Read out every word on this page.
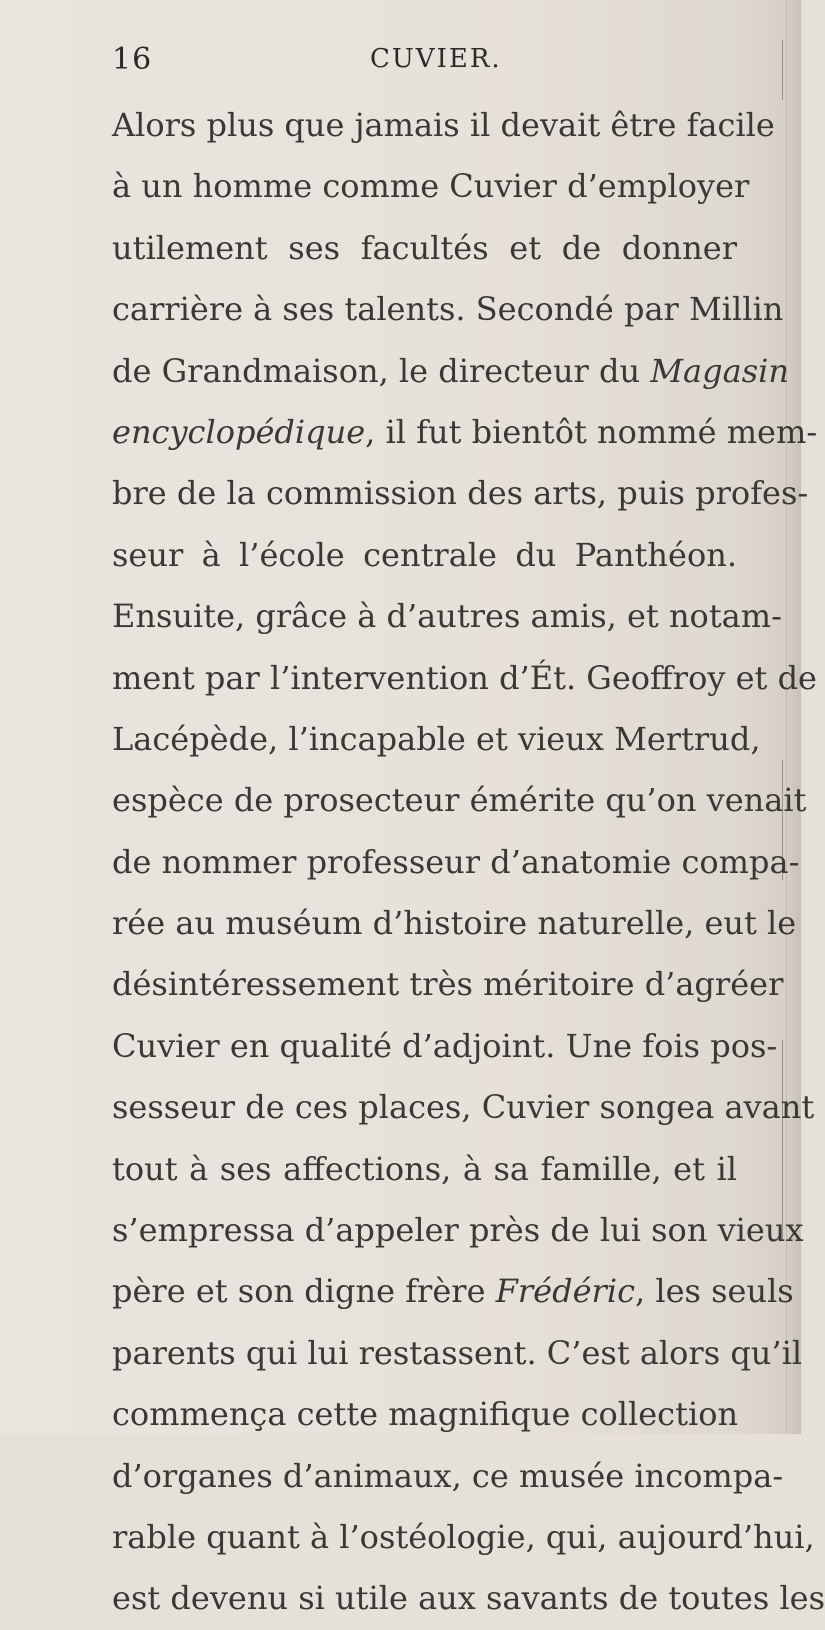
16	CUVIER.
Alors plus que jamais il devait être facile
à un homme comme Cuvier d’employer
utilement ses facultés et de donner
carrière à ses talents. Secondé par Millin
de Grandmaison, le directeur du Magasin
encyclopédique, il fut bientôt nommé mem-
bre de la commission des arts, puis profes-
seur à l’école centrale du Panthéon.
Ensuite, grâce à d’autres amis, et notam-
ment par l’intervention d’Ét. Geoffroy et de
Lacépède, l’incapable et vieux Mertrud,
espèce de prosecteur émérite qu’on venait
de nommer professeur d’anatomie compa-
rée au muséum d’histoire naturelle, eut le
désintéressement très méritoire d’agréer
Cuvier en qualité d’adjoint. Une fois pos-
sesseur de ces places, Cuvier songea avant
tout à ses affections, à sa famille, et il
s’empressa d’appeler près de lui son vieux
père et son digne frère Frédéric, les seuls
parents qui lui restassent. C’est alors qu’il
commença cette magnifique collection
d’organes d’animaux, ce musée incompa-
rable quant à l’ostéologie, qui, aujourd’hui,
est devenu si utile aux savants de toutes les
